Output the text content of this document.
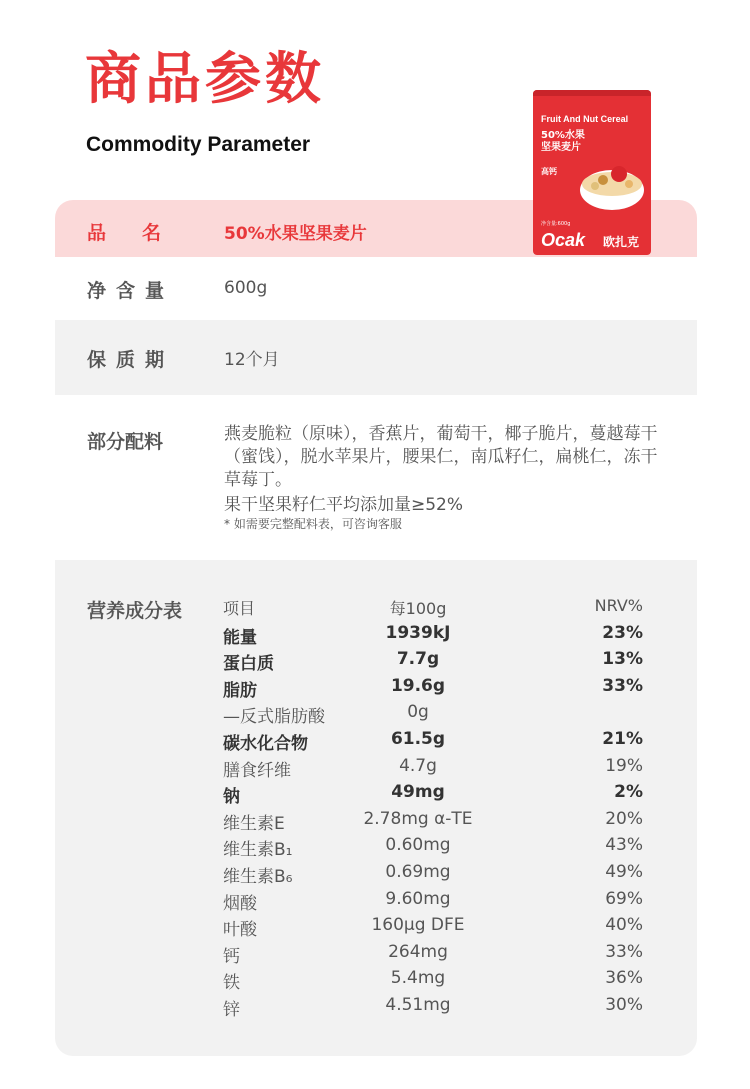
商品参数
Commodity Parameter
品名 50%水果坚果麦片
净含量	600g
保质期	12个月
部分配料	燕麦脆粒（原味），香蕉片，葡萄干，椰子脆片，蔓越莓干（蜜饯），脱水苹果片，腰果仁，南瓜籽仁，扁桃仁，冻干草莓丁。
果干坚果籽仁平均添加量≥52%
* 如需要完整配料表，可咨询客服
营养成分表	项目	每100g	NRV%
能量	1939kJ	23%
蛋白质	7.7g	13%
脂肪	19.6g	33%
—反式脂肪酸	0g
碳水化合物	61.5g	21%
膳食纤维	4.7g	19%
钠	49mg	2%
维生素E	2.78mg α-TE	20%
维生素B₁	0.60mg	43%
维生素B₆	0.69mg	49%
烟酸	9.60mg	69%
叶酸	160μg DFE	40%
钙	264mg	33%
铁	5.4mg	36%
锌	4.51mg	30%
Fruit And Nut Cereal
50%水果
坚果麦片
高钙
净含量:600g
Ocak 欧扎克
